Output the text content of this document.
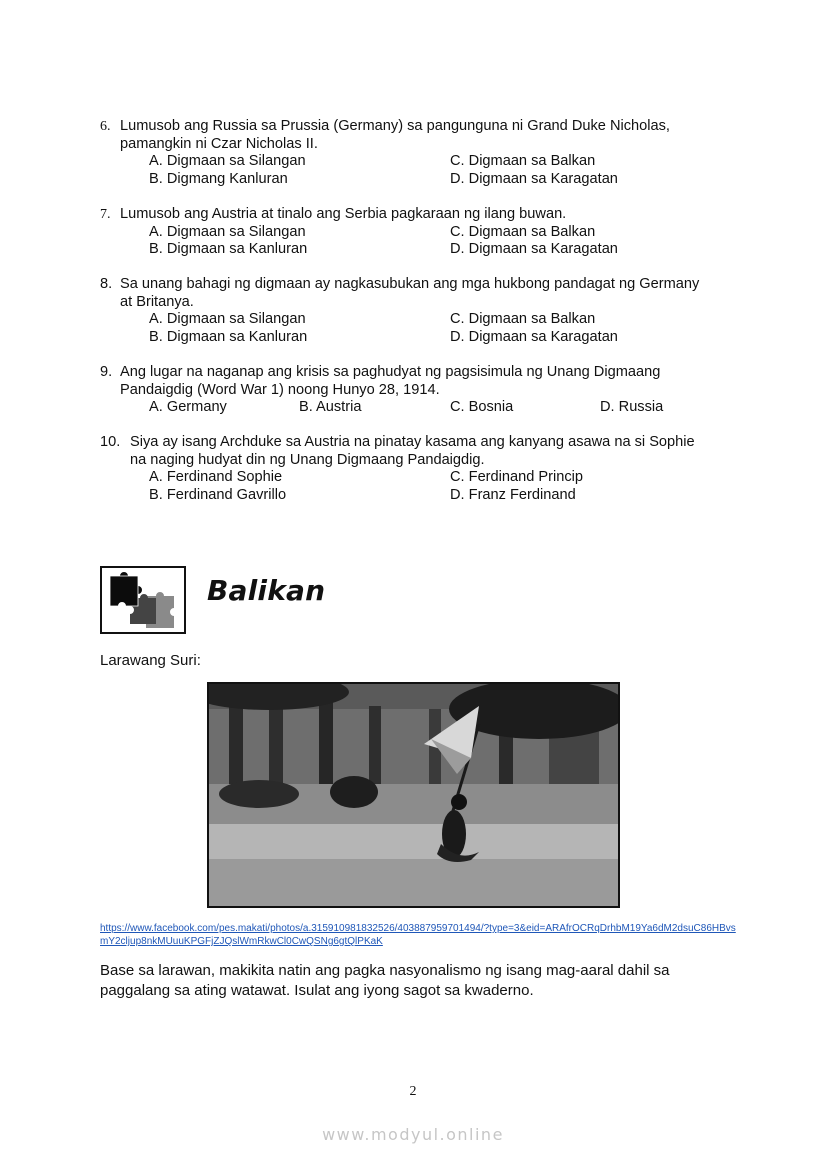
6. Lumusob ang Russia sa Prussia (Germany) sa pangunguna ni Grand Duke Nicholas,
pamangkin ni Czar Nicholas II.
A. Digmaan sa Silangan
B. Digmang Kanluran
C. Digmaan sa Balkan
D. Digmaan sa Karagatan
7. Lumusob ang Austria at tinalo ang Serbia pagkaraan ng ilang buwan.
A. Digmaan sa Silangan
B. Digmaan sa Kanluran
C. Digmaan sa Balkan
D. Digmaan sa Karagatan
8. Sa unang bahagi ng digmaan ay nagkasubukan ang mga hukbong pandagat ng Germany
at Britanya.
A. Digmaan sa Silangan
B. Digmaan sa Kanluran
C. Digmaan sa Balkan
D. Digmaan sa Karagatan
9. Ang lugar na naganap ang krisis sa paghudyat ng pagsisimula ng Unang Digmaang
Pandaigdig (Word War 1) noong Hunyo 28, 1914.
A. Germany	B. Austria	C. Bosnia	D. Russia
10. Siya ay isang Archduke sa Austria na pinatay kasama ang kanyang asawa na si Sophie
na naging hudyat din ng Unang Digmaang Pandaigdig.
A. Ferdinand Sophie
B. Ferdinand Gavrillo
C. Ferdinand Princip
D. Franz Ferdinand
Balikan
Larawang Suri:
https://www.facebook.com/pes.makati/photos/a.315910981832526/403887959701494/?type=3&eid=ARAfrOCRqDrhbM19Ya6dM2dsuC86HBvsmY2cljup8nkMUuuKPGFjZJQslWmRkwCl0CwQSNg6gtQlPKaK
Base sa larawan, makikita natin ang pagka nasyonalismo ng isang mag-aaral dahil sa paggalang sa ating watawat. Isulat ang iyong sagot sa kwaderno.
2
www.modyul.online
